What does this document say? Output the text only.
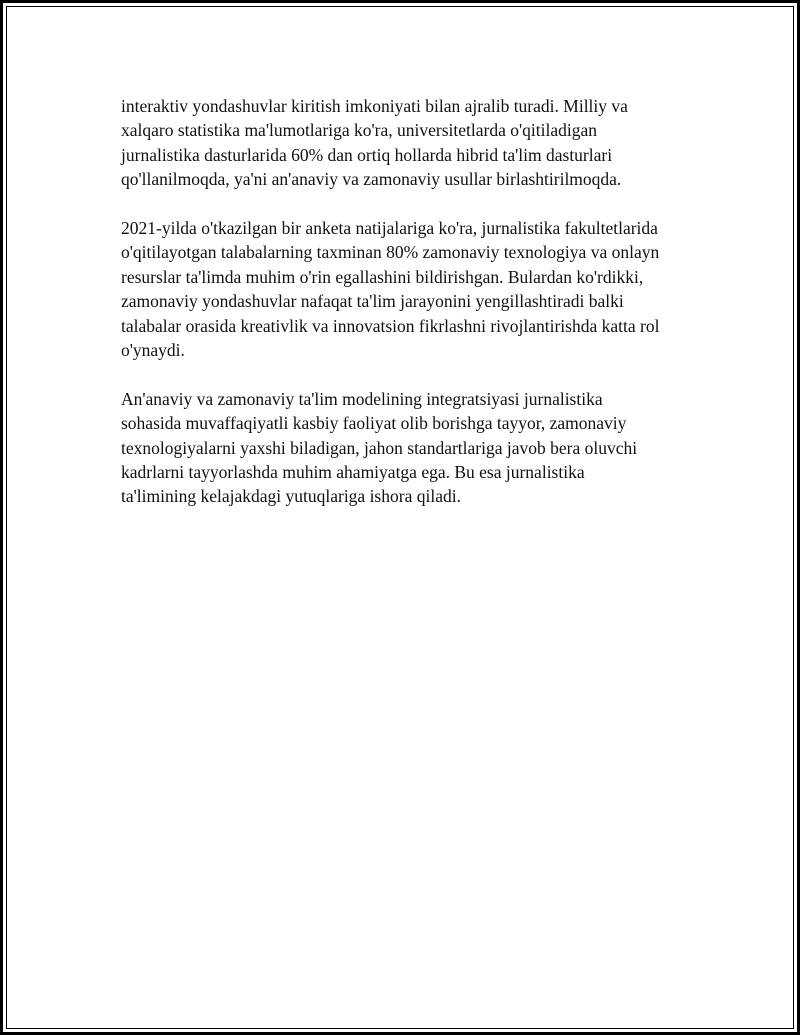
interaktiv yondashuvlar kiritish imkoniyati bilan ajralib turadi. Milliy va
xalqaro statistika ma'lumotlariga ko'ra, universitetlarda o'qitiladigan
jurnalistika dasturlarida 60% dan ortiq hollarda hibrid ta'lim dasturlari
qo'llanilmoqda, ya'ni an'anaviy va zamonaviy usullar birlashtirilmoqda.

2021-yilda o'tkazilgan bir anketa natijalariga ko'ra, jurnalistika fakultetlarida
o'qitilayotgan talabalarning taxminan 80% zamonaviy texnologiya va onlayn
resurslar ta'limda muhim o'rin egallashini bildirishgan. Bulardan ko'rdikki,
zamonaviy yondashuvlar nafaqat ta'lim jarayonini yengillashtiradi balki
talabalar orasida kreativlik va innovatsion fikrlashni rivojlantirishda katta rol
o'ynaydi.

An'anaviy va zamonaviy ta'lim modelining integratsiyasi jurnalistika
sohasida muvaffaqiyatli kasbiy faoliyat olib borishga tayyor, zamonaviy
texnologiyalarni yaxshi biladigan, jahon standartlariga javob bera oluvchi
kadrlarni tayyorlashda muhim ahamiyatga ega. Bu esa jurnalistika
ta'limining kelajakdagi yutuqlariga ishora qiladi.
